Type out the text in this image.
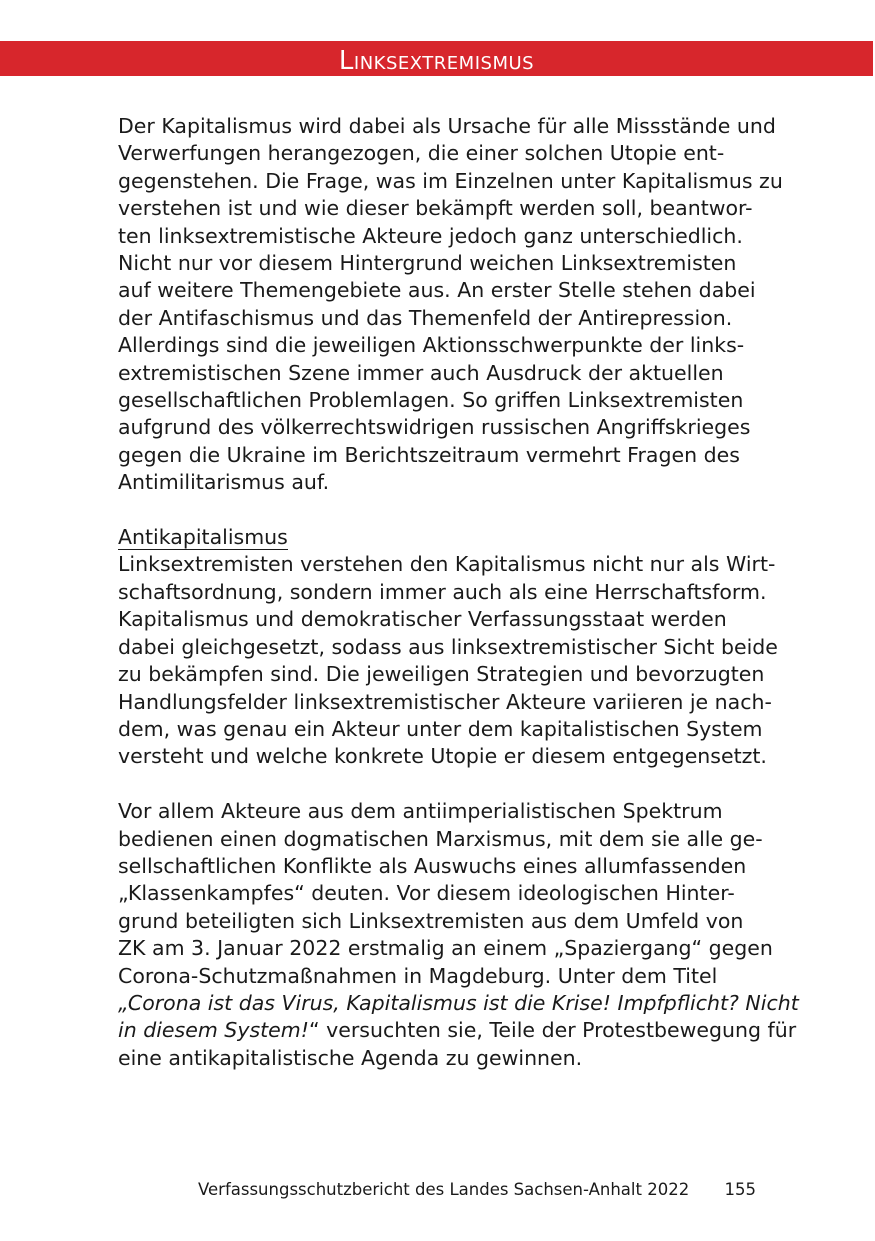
Linksextremismus

Der Kapitalismus wird dabei als Ursache für alle Missstände und
Verwerfungen herangezogen, die einer solchen Utopie ent-
gegenstehen. Die Frage, was im Einzelnen unter Kapitalismus zu
verstehen ist und wie dieser bekämpft werden soll, beantwor-
ten linksextremistische Akteure jedoch ganz unterschiedlich.
Nicht nur vor diesem Hintergrund weichen Linksextremisten
auf weitere Themengebiete aus. An erster Stelle stehen dabei
der Antifaschismus und das Themenfeld der Antirepression.
Allerdings sind die jeweiligen Aktionsschwerpunkte der links-
extremistischen Szene immer auch Ausdruck der aktuellen
gesellschaftlichen Problemlagen. So griffen Linksextremisten
aufgrund des völkerrechtswidrigen russischen Angriffskrieges
gegen die Ukraine im Berichtszeitraum vermehrt Fragen des
Antimilitarismus auf.

Antikapitalismus

Linksextremisten verstehen den Kapitalismus nicht nur als Wirt-
schaftsordnung, sondern immer auch als eine Herrschaftsform.
Kapitalismus und demokratischer Verfassungsstaat werden
dabei gleichgesetzt, sodass aus linksextremistischer Sicht beide
zu bekämpfen sind. Die jeweiligen Strategien und bevorzugten
Handlungsfelder linksextremistischer Akteure variieren je nach-
dem, was genau ein Akteur unter dem kapitalistischen System
versteht und welche konkrete Utopie er diesem entgegensetzt.

Vor allem Akteure aus dem antiimperialistischen Spektrum
bedienen einen dogmatischen Marxismus, mit dem sie alle ge-
sellschaftlichen Konflikte als Auswuchs eines allumfassenden
„Klassenkampfes“ deuten. Vor diesem ideologischen Hinter-
grund beteiligten sich Linksextremisten aus dem Umfeld von
ZK am 3. Januar 2022 erstmalig an einem „Spaziergang“ gegen
Corona-Schutzmaßnahmen in Magdeburg. Unter dem Titel
„Corona ist das Virus, Kapitalismus ist die Krise! Impfpflicht? Nicht
in diesem System!“ versuchten sie, Teile der Protestbewegung für
eine antikapitalistische Agenda zu gewinnen.

Verfassungsschutzbericht des Landes Sachsen-Anhalt 2022 155
